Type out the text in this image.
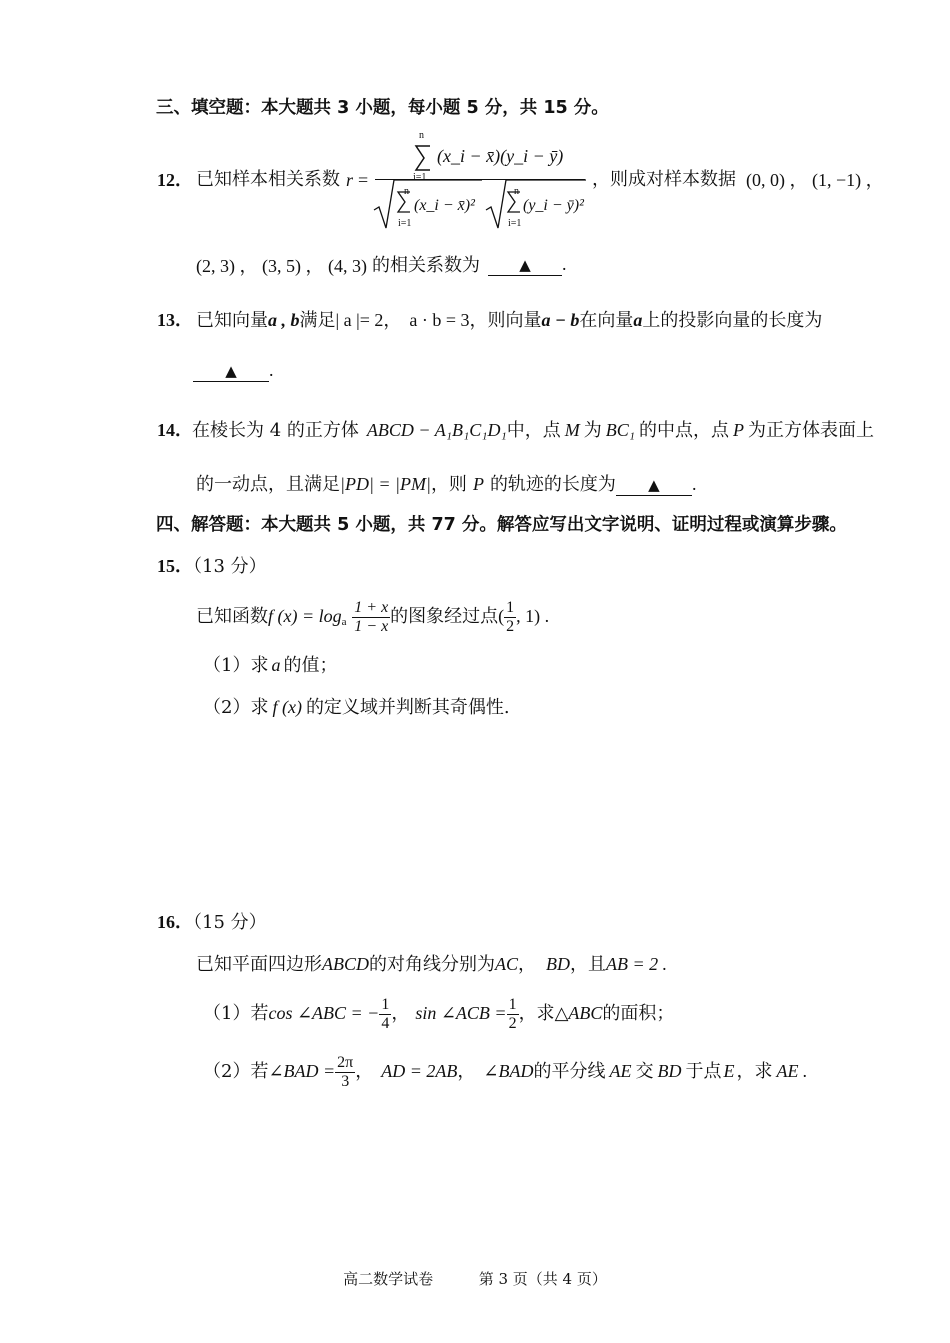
三、填空题：本大题共 3 小题，每小题 5 分，共 15 分。
12． 已知样本相关系数 r =
n
i=1
(x_i − x̄)(y_i − ȳ)
n
i=1
(x_i − x̄)²
n
i=1
(y_i − ȳ)²
，则成对样本数据 (0, 0) ， (1, −1) ，
(2, 3) ， (3, 5) ， (4, 3) 的相关系数为	▲ .
13． 已知向量a , b满足| a |= 2， a · b = 3，则向量a − b在向量a上的投影向量的长度为
▲ .
14． 在棱长为 4 的正方体 ABCD − A₁B₁C₁D₁中，点 M 为 BC₁ 的中点，点 P 为正方体表面上
的一动点，且满足|PD| = |PM|，则 P 的轨迹的长度为 ▲ .
四、解答题：本大题共 5 小题，共 77 分。解答应写出文字说明、证明过程或演算步骤。
15．（13 分）
已知函数f $(x) = \log_a \frac{1 + x}{1 - x}$ 的图象经过点( $\frac{1}{2}$ , 1) .
（1）求 a 的值；
（2）求 f (x) 的定义域并判断其奇偶性.
16．（15 分）
已知平面四边形ABCD的对角线分别为AC， BD，且AB = 2 .
（1）若cos ∠ABC = − $\frac{1}{4}$ ， sin ∠ACB = $\frac{1}{2}$ ，求△ABC的面积；
（2）若∠BAD = $\frac{2\pi}{3}$ ， AD = 2AB， ∠BAD的平分线 AE 交 BD 于点 E ，求 AE .
高二数学试卷	第 3 页（共 4 页）
